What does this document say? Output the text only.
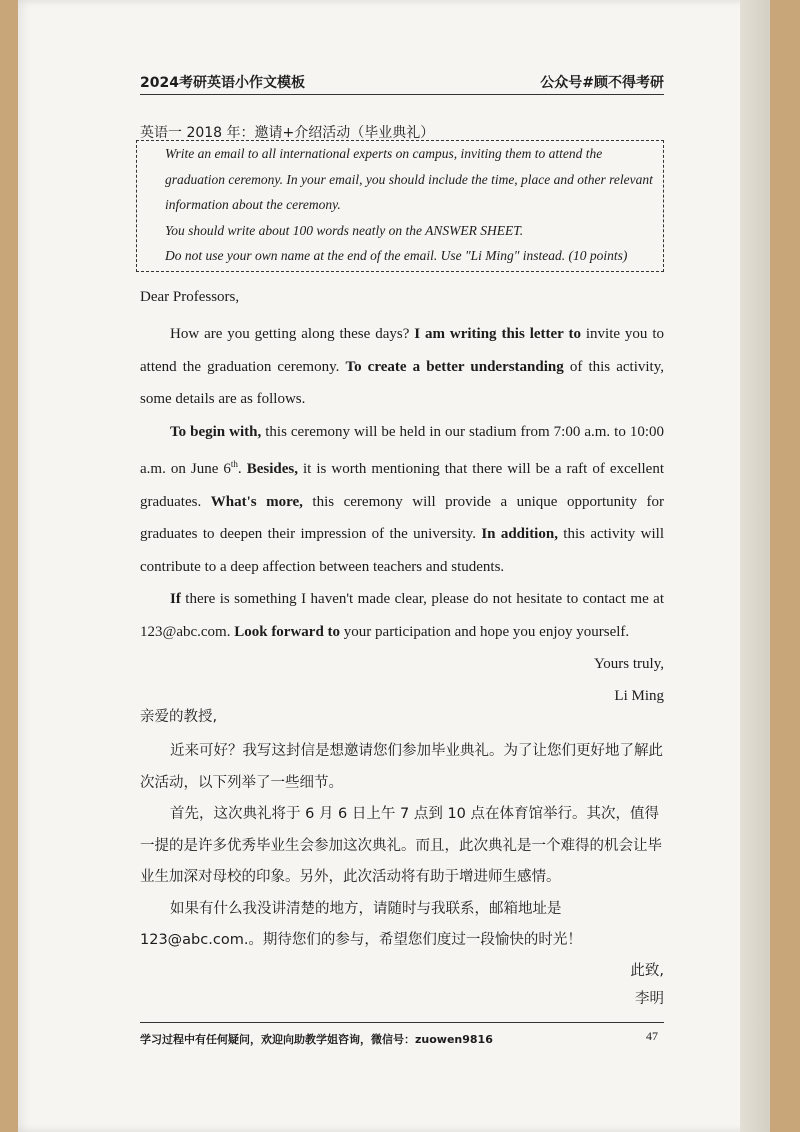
2024考研英语小作文模板	公众号#顾不得考研
英语一 2018 年：邀请+介绍活动（毕业典礼）

Write an email to all international experts on campus, inviting them to attend the graduation ceremony. In your email, you should include the time, place and other relevant information about the ceremony.

You should write about 100 words neatly on the ANSWER SHEET.

Do not use your own name at the end of the email. Use "Li Ming" instead. (10 points)

Dear Professors,

How are you getting along these days? I am writing this letter to invite you to attend the graduation ceremony. To create a better understanding of this activity, some details are as follows.

To begin with, this ceremony will be held in our stadium from 7:00 a.m. to 10:00 a.m. on June 6th. Besides, it is worth mentioning that there will be a raft of excellent graduates. What's more, this ceremony will provide a unique opportunity for graduates to deepen their impression of the university. In addition, this activity will contribute to a deep affection between teachers and students.

If there is something I haven't made clear, please do not hesitate to contact me at 123@abc.com. Look forward to your participation and hope you enjoy yourself.

Yours truly,

Li Ming

亲爱的教授,

近来可好？我写这封信是想邀请您们参加毕业典礼。为了让您们更好地了解此次活动，以下列举了一些细节。

首先，这次典礼将于 6 月 6 日上午 7 点到 10 点在体育馆举行。其次，值得一提的是许多优秀毕业生会参加这次典礼。而且，此次典礼是一个难得的机会让毕业生加深对母校的印象。另外，此次活动将有助于增进师生感情。

如果有什么我没讲清楚的地方，请随时与我联系，邮箱地址是 123@abc.com.。期待您们的参与，希望您们度过一段愉快的时光！

此致,

李明

学习过程中有任何疑问，欢迎向助教学姐咨询，微信号：zuowen9816	47
